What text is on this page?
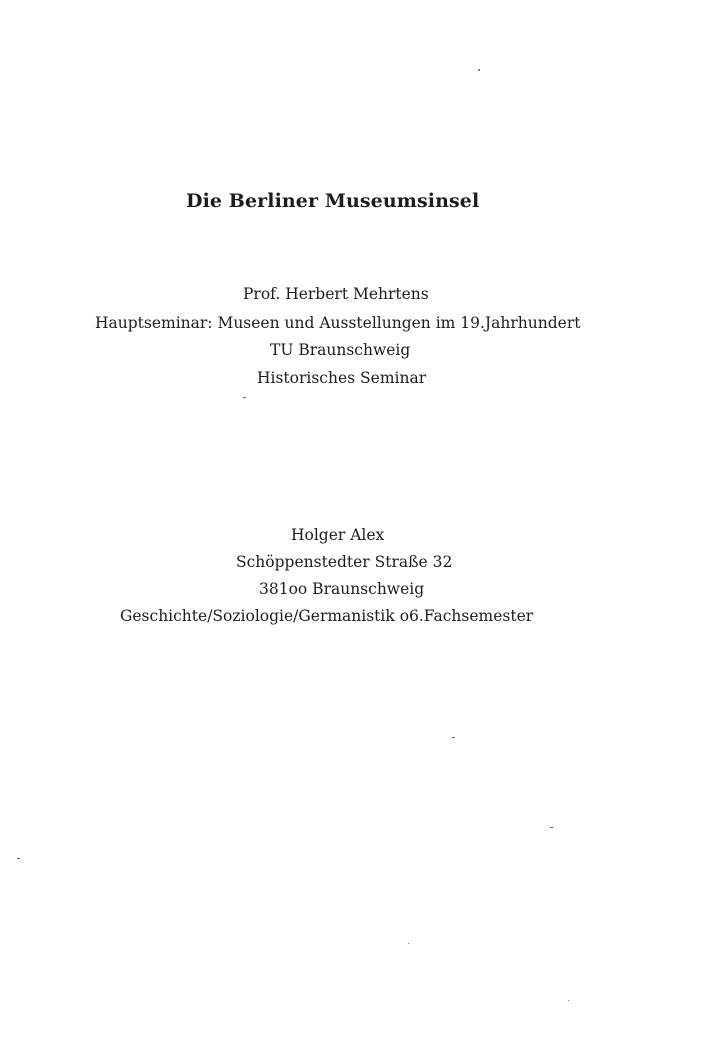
Die Berliner Museumsinsel
Prof. Herbert Mehrtens
Hauptseminar: Museen und Ausstellungen im 19.Jahrhundert
TU Braunschweig
Historisches Seminar
Holger Alex
Schöppenstedter Straße 32
381oo Braunschweig
Geschichte/Soziologie/Germanistik o6.Fachsemester
